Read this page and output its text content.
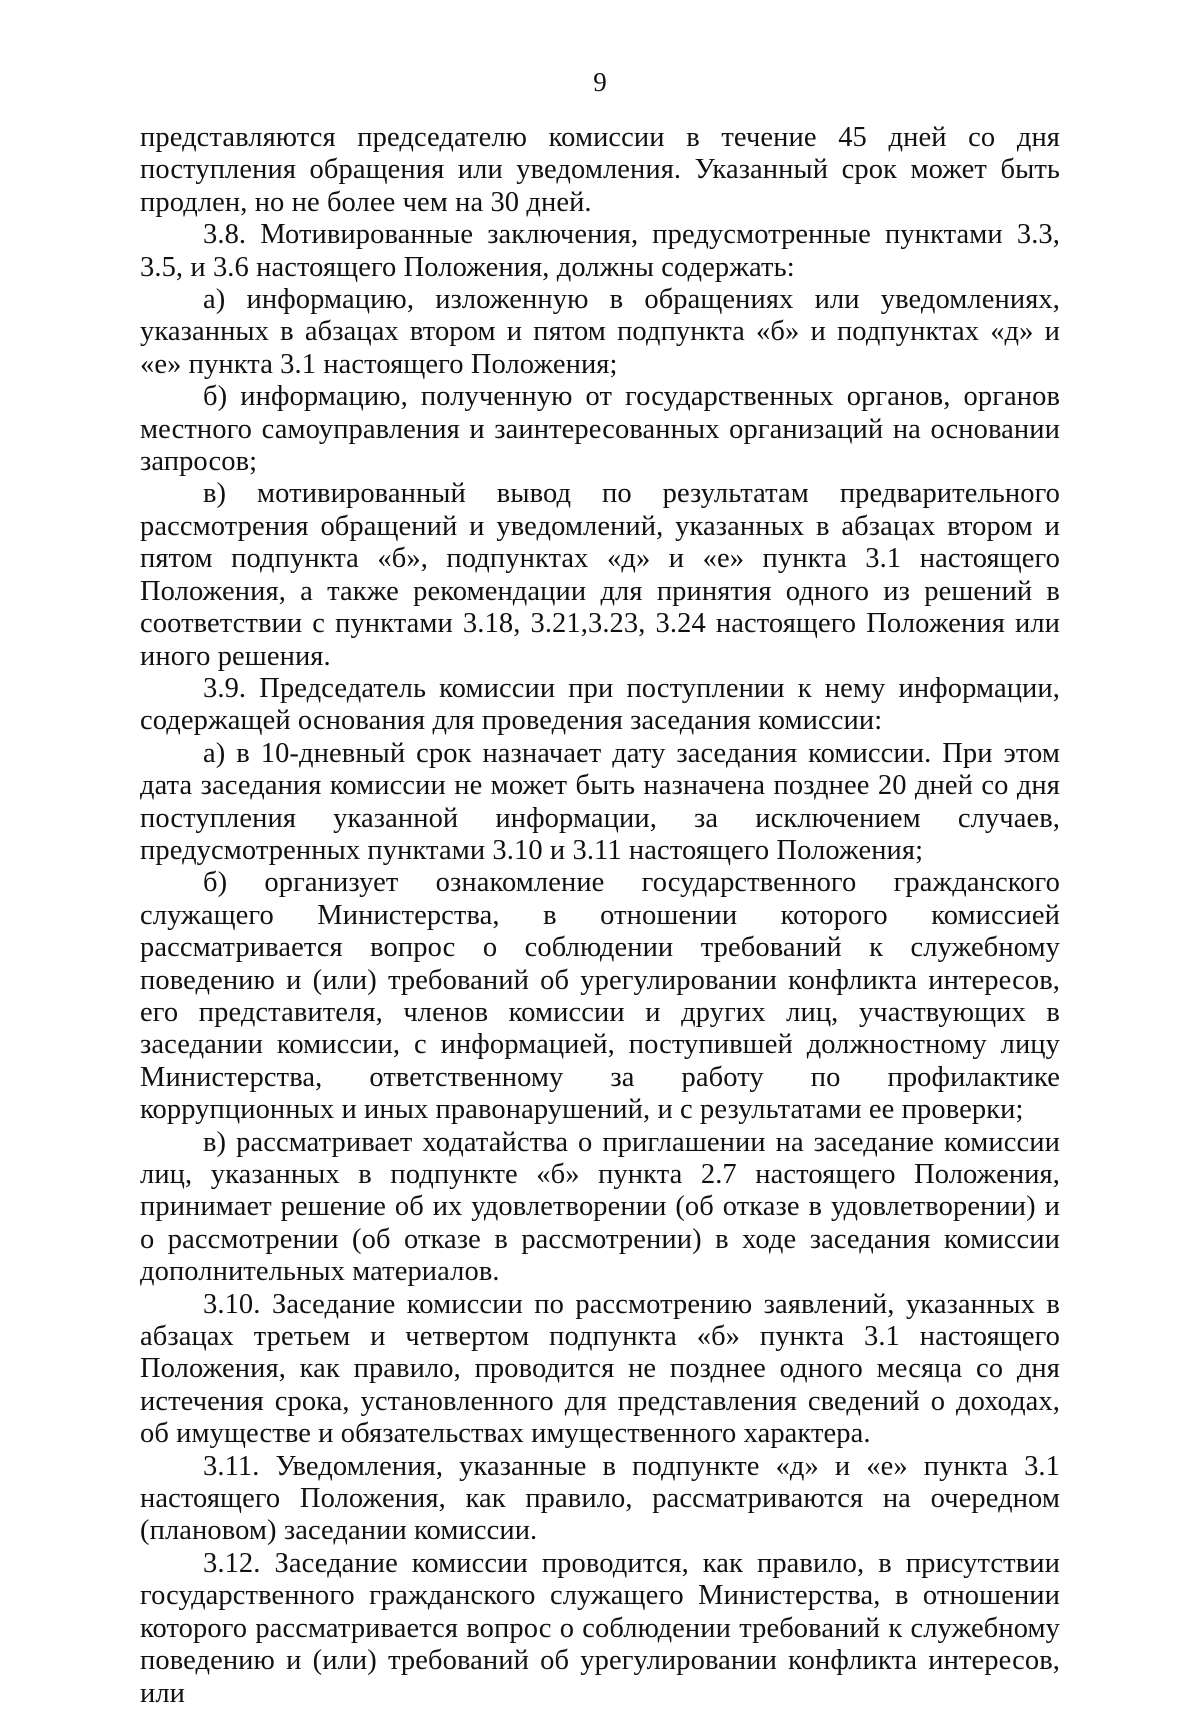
9

представляются председателю комиссии в течение 45 дней со дня поступления обращения или уведомления. Указанный срок может быть продлен, но не более чем на 30 дней.

3.8. Мотивированные заключения, предусмотренные пунктами 3.3, 3.5, и 3.6 настоящего Положения, должны содержать:

а) информацию, изложенную в обращениях или уведомлениях, указанных в абзацах втором и пятом подпункта «б» и подпунктах «д» и «е» пункта 3.1 настоящего Положения;

б) информацию, полученную от государственных органов, органов местного самоуправления и заинтересованных организаций на основании запросов;

в) мотивированный вывод по результатам предварительного рассмотрения обращений и уведомлений, указанных в абзацах втором и пятом подпункта «б», подпунктах «д» и «е» пункта 3.1 настоящего Положения, а также рекомендации для принятия одного из решений в соответствии с пунктами 3.18, 3.21,3.23, 3.24 настоящего Положения или иного решения.

3.9. Председатель комиссии при поступлении к нему информации, содержащей основания для проведения заседания комиссии:

а) в 10-дневный срок назначает дату заседания комиссии. При этом дата заседания комиссии не может быть назначена позднее 20 дней со дня поступления указанной информации, за исключением случаев, предусмотренных пунктами 3.10 и 3.11 настоящего Положения;

б) организует ознакомление государственного гражданского служащего Министерства, в отношении которого комиссией рассматривается вопрос о соблюдении требований к служебному поведению и (или) требований об урегулировании конфликта интересов, его представителя, членов комиссии и других лиц, участвующих в заседании комиссии, с информацией, поступившей должностному лицу Министерства, ответственному за работу по профилактике коррупционных и иных правонарушений, и с результатами ее проверки;

в) рассматривает ходатайства о приглашении на заседание комиссии лиц, указанных в подпункте «б» пункта 2.7 настоящего Положения, принимает решение об их удовлетворении (об отказе в удовлетворении) и о рассмотрении (об отказе в рассмотрении) в ходе заседания комиссии дополнительных материалов.

3.10. Заседание комиссии по рассмотрению заявлений, указанных в абзацах третьем и четвертом подпункта «б» пункта 3.1 настоящего Положения, как правило, проводится не позднее одного месяца со дня истечения срока, установленного для представления сведений о доходах, об имуществе и обязательствах имущественного характера.

3.11. Уведомления, указанные в подпункте «д» и «е» пункта 3.1 настоящего Положения, как правило, рассматриваются на очередном (плановом) заседании комиссии.

3.12. Заседание комиссии проводится, как правило, в присутствии государственного гражданского служащего Министерства, в отношении которого рассматривается вопрос о соблюдении требований к служебному поведению и (или) требований об урегулировании конфликта интересов, или
